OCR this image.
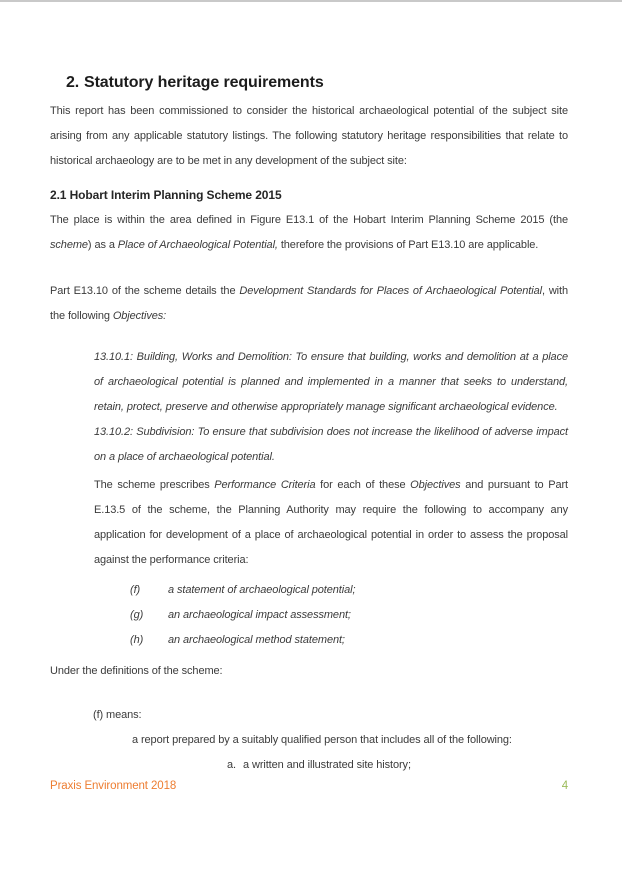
2. Statutory heritage requirements

This report has been commissioned to consider the historical archaeological potential of the subject site arising from any applicable statutory listings. The following statutory heritage responsibilities that relate to historical archaeology are to be met in any development of the subject site:

2.1 Hobart Interim Planning Scheme 2015

The place is within the area defined in Figure E13.1 of the Hobart Interim Planning Scheme 2015 (the scheme) as a Place of Archaeological Potential, therefore the provisions of Part E13.10 are applicable.

Part E13.10 of the scheme details the Development Standards for Places of Archaeological Potential, with the following Objectives:

13.10.1: Building, Works and Demolition: To ensure that building, works and demolition at a place of archaeological potential is planned and implemented in a manner that seeks to understand, retain, protect, preserve and otherwise appropriately manage significant archaeological evidence.

13.10.2: Subdivision: To ensure that subdivision does not increase the likelihood of adverse impact on a place of archaeological potential.

The scheme prescribes Performance Criteria for each of these Objectives and pursuant to Part E.13.5 of the scheme, the Planning Authority may require the following to accompany any application for development of a place of archaeological potential in order to assess the proposal against the performance criteria:

(f)	a statement of archaeological potential;
(g)	an archaeological impact assessment;
(h)	an archaeological method statement;

Under the definitions of the scheme:

(f) means:

a report prepared by a suitably qualified person that includes all of the following:

a. a written and illustrated site history;
Praxis Environment 2018	4
